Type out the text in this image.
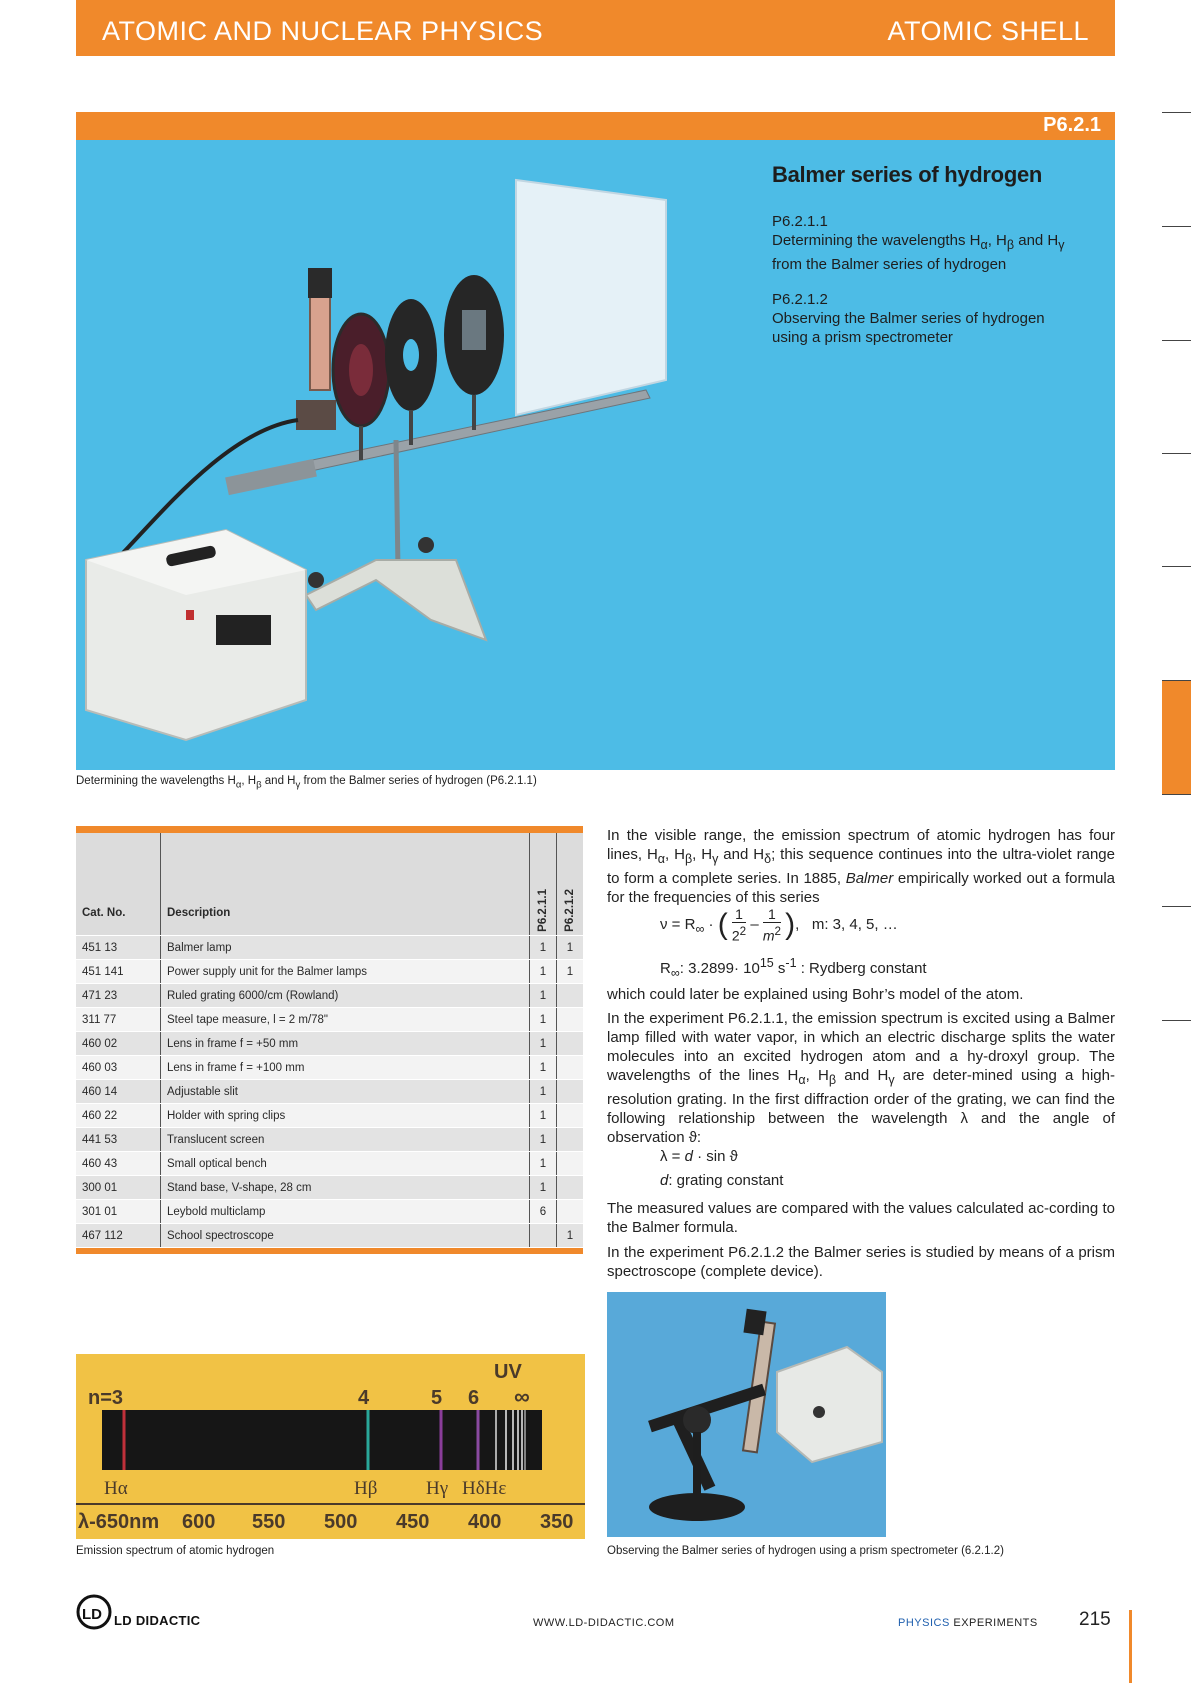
ATOMIC AND NUCLEAR PHYSICS	ATOMIC SHELL
P6.2.1
Balmer series of hydrogen
P6.2.1.1
Determining the wavelengths $H_\alpha$, $H_\beta$ and $H_\gamma$
from the Balmer series of hydrogen
P6.2.1.2
Observing the Balmer series of hydrogen
using a prism spectrometer
Determining the wavelengths $H_\alpha$, $H_\beta$ and $H_\gamma$ from the Balmer series of hydrogen (P6.2.1.1)
Cat. No.	Description	P6.2.1.1	P6.2.1.2
451 13	Balmer lamp	1	1
451 141	Power supply unit for the Balmer lamps	1	1
471 23	Ruled grating 6000/cm (Rowland)	1	
311 77	Steel tape measure, l = 2 m/78"	1	
460 02	Lens in frame f = +50 mm	1	
460 03	Lens in frame f = +100 mm	1	
460 14	Adjustable slit	1	
460 22	Holder with spring clips	1	
441 53	Translucent screen	1	
460 43	Small optical bench	1	
300 01	Stand base, V-shape, 28 cm	1	
301 01	Leybold multiclamp	6	
467 112	School spectroscope		1
In the visible range, the emission spectrum of atomic hydrogen has four lines, $H_\alpha$, $H_\beta$, $H_\gamma$ and $H_\delta$; this sequence continues into the ultra-violet range to form a complete series. In 1885, Balmer empirically worked out a formula for the frequencies of this series
$\nu = R_\infty$ · ( $\frac{1}{2^2} - \frac{1}{m^2}$ ),   m: 3, 4, 5, …
$R_\infty$: $3.2899\cdot 10^{15}$ $s^{-1}$ : Rydberg constant
which could later be explained using Bohr’s model of the atom.
In the experiment P6.2.1.1, the emission spectrum is excited using a Balmer lamp filled with water vapor, in which an electric discharge splits the water molecules into an excited hydrogen atom and a hy-droxyl group. The wavelengths of the lines $H_\alpha$, $H_\beta$ and $H_\gamma$ are deter-mined using a high-resolution grating. In the first diffraction order of the grating, we can find the following relationship between the wavelength λ and the angle of observation ϑ:
λ = d · sin ϑ
d: grating constant
The measured values are compared with the values calculated ac-cording to the Balmer formula.
In the experiment P6.2.1.2 the Balmer series is studied by means of a prism spectroscope (complete device).
n=3	4	5 6
UV
∞
Hα	Hβ	Hγ HδHε
λ-650nm 600 550 500 450 400 350
Emission spectrum of atomic hydrogen	Observing the Balmer series of hydrogen using a prism spectrometer (6.2.1.2)
LD LD DIDACTIC	WWW.LD-DIDACTIC.COM	PHYSICS EXPERIMENTS 215
